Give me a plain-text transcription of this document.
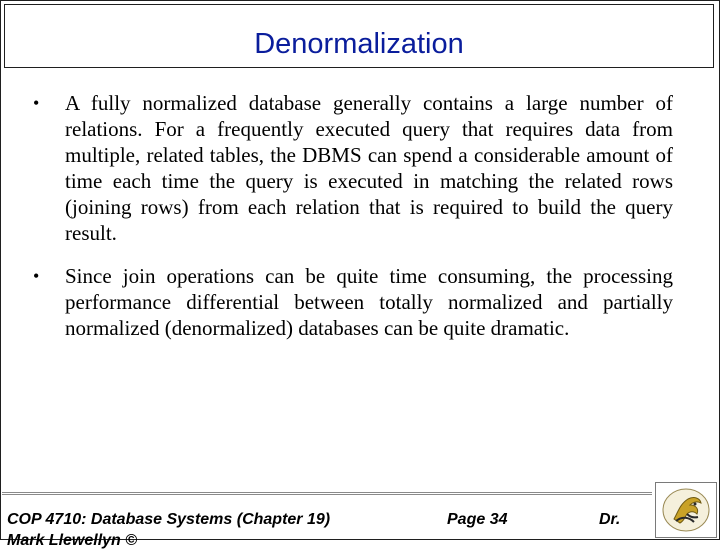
Denormalization
• A fully normalized database generally contains a large number of relations. For a frequently executed query that requires data from multiple, related tables, the DBMS can spend a considerable amount of time each time the query is executed in matching the related rows (joining rows) from each relation that is required to build the query result.
• Since join operations can be quite time consuming, the processing performance differential between totally normalized and partially normalized (denormalized) databases can be quite dramatic.
COP 4710: Database Systems (Chapter 19)	Page 34	Dr.
Mark Llewellyn ©
